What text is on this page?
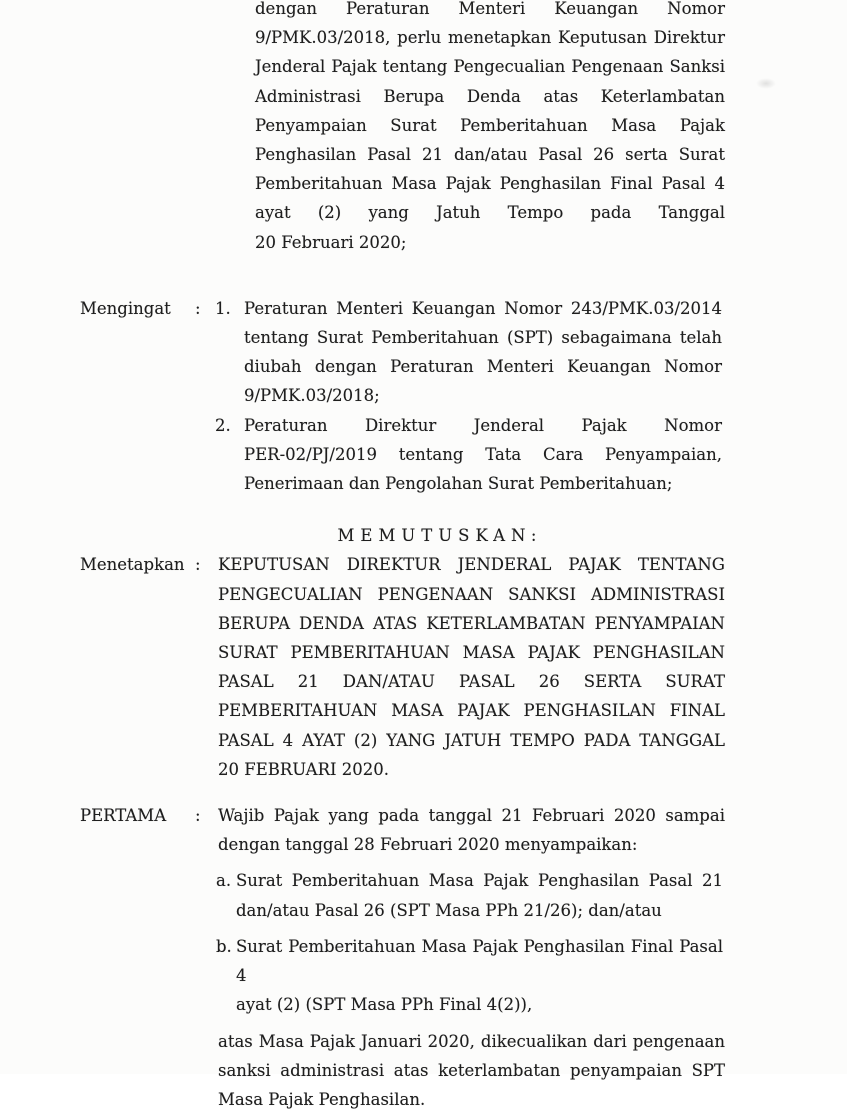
dengan Peraturan Menteri Keuangan Nomor
9/PMK.03/2018, perlu menetapkan Keputusan Direktur
Jenderal Pajak tentang Pengecualian Pengenaan Sanksi
Administrasi Berupa Denda atas Keterlambatan
Penyampaian Surat Pemberitahuan Masa Pajak
Penghasilan Pasal 21 dan/atau Pasal 26 serta Surat
Pemberitahuan Masa Pajak Penghasilan Final Pasal 4
ayat (2) yang Jatuh Tempo pada Tanggal
20 Februari 2020;
Mengingat	: 1. Peraturan Menteri Keuangan Nomor 243/PMK.03/2014
tentang Surat Pemberitahuan (SPT) sebagaimana telah
diubah dengan Peraturan Menteri Keuangan Nomor
9/PMK.03/2018;
2. Peraturan Direktur Jenderal Pajak Nomor
PER-02/PJ/2019 tentang Tata Cara Penyampaian,
Penerimaan dan Pengolahan Surat Pemberitahuan;
MEMUTUSKAN:
Menetapkan :	KEPUTUSAN DIREKTUR JENDERAL PAJAK TENTANG
PENGECUALIAN PENGENAAN SANKSI ADMINISTRASI
BERUPA DENDA ATAS KETERLAMBATAN PENYAMPAIAN
SURAT PEMBERITAHUAN MASA PAJAK PENGHASILAN
PASAL 21 DAN/ATAU PASAL 26 SERTA SURAT
PEMBERITAHUAN MASA PAJAK PENGHASILAN FINAL
PASAL 4 AYAT (2) YANG JATUH TEMPO PADA TANGGAL
20 FEBRUARI 2020.
PERTAMA	:	Wajib Pajak yang pada tanggal 21 Februari 2020 sampai
dengan tanggal 28 Februari 2020 menyampaikan:
a. Surat Pemberitahuan Masa Pajak Penghasilan Pasal 21
dan/atau Pasal 26 (SPT Masa PPh 21/26); dan/atau
b. Surat Pemberitahuan Masa Pajak Penghasilan Final Pasal 4
ayat (2) (SPT Masa PPh Final 4(2)),
atas Masa Pajak Januari 2020, dikecualikan dari pengenaan
sanksi administrasi atas keterlambatan penyampaian SPT
Masa Pajak Penghasilan.
